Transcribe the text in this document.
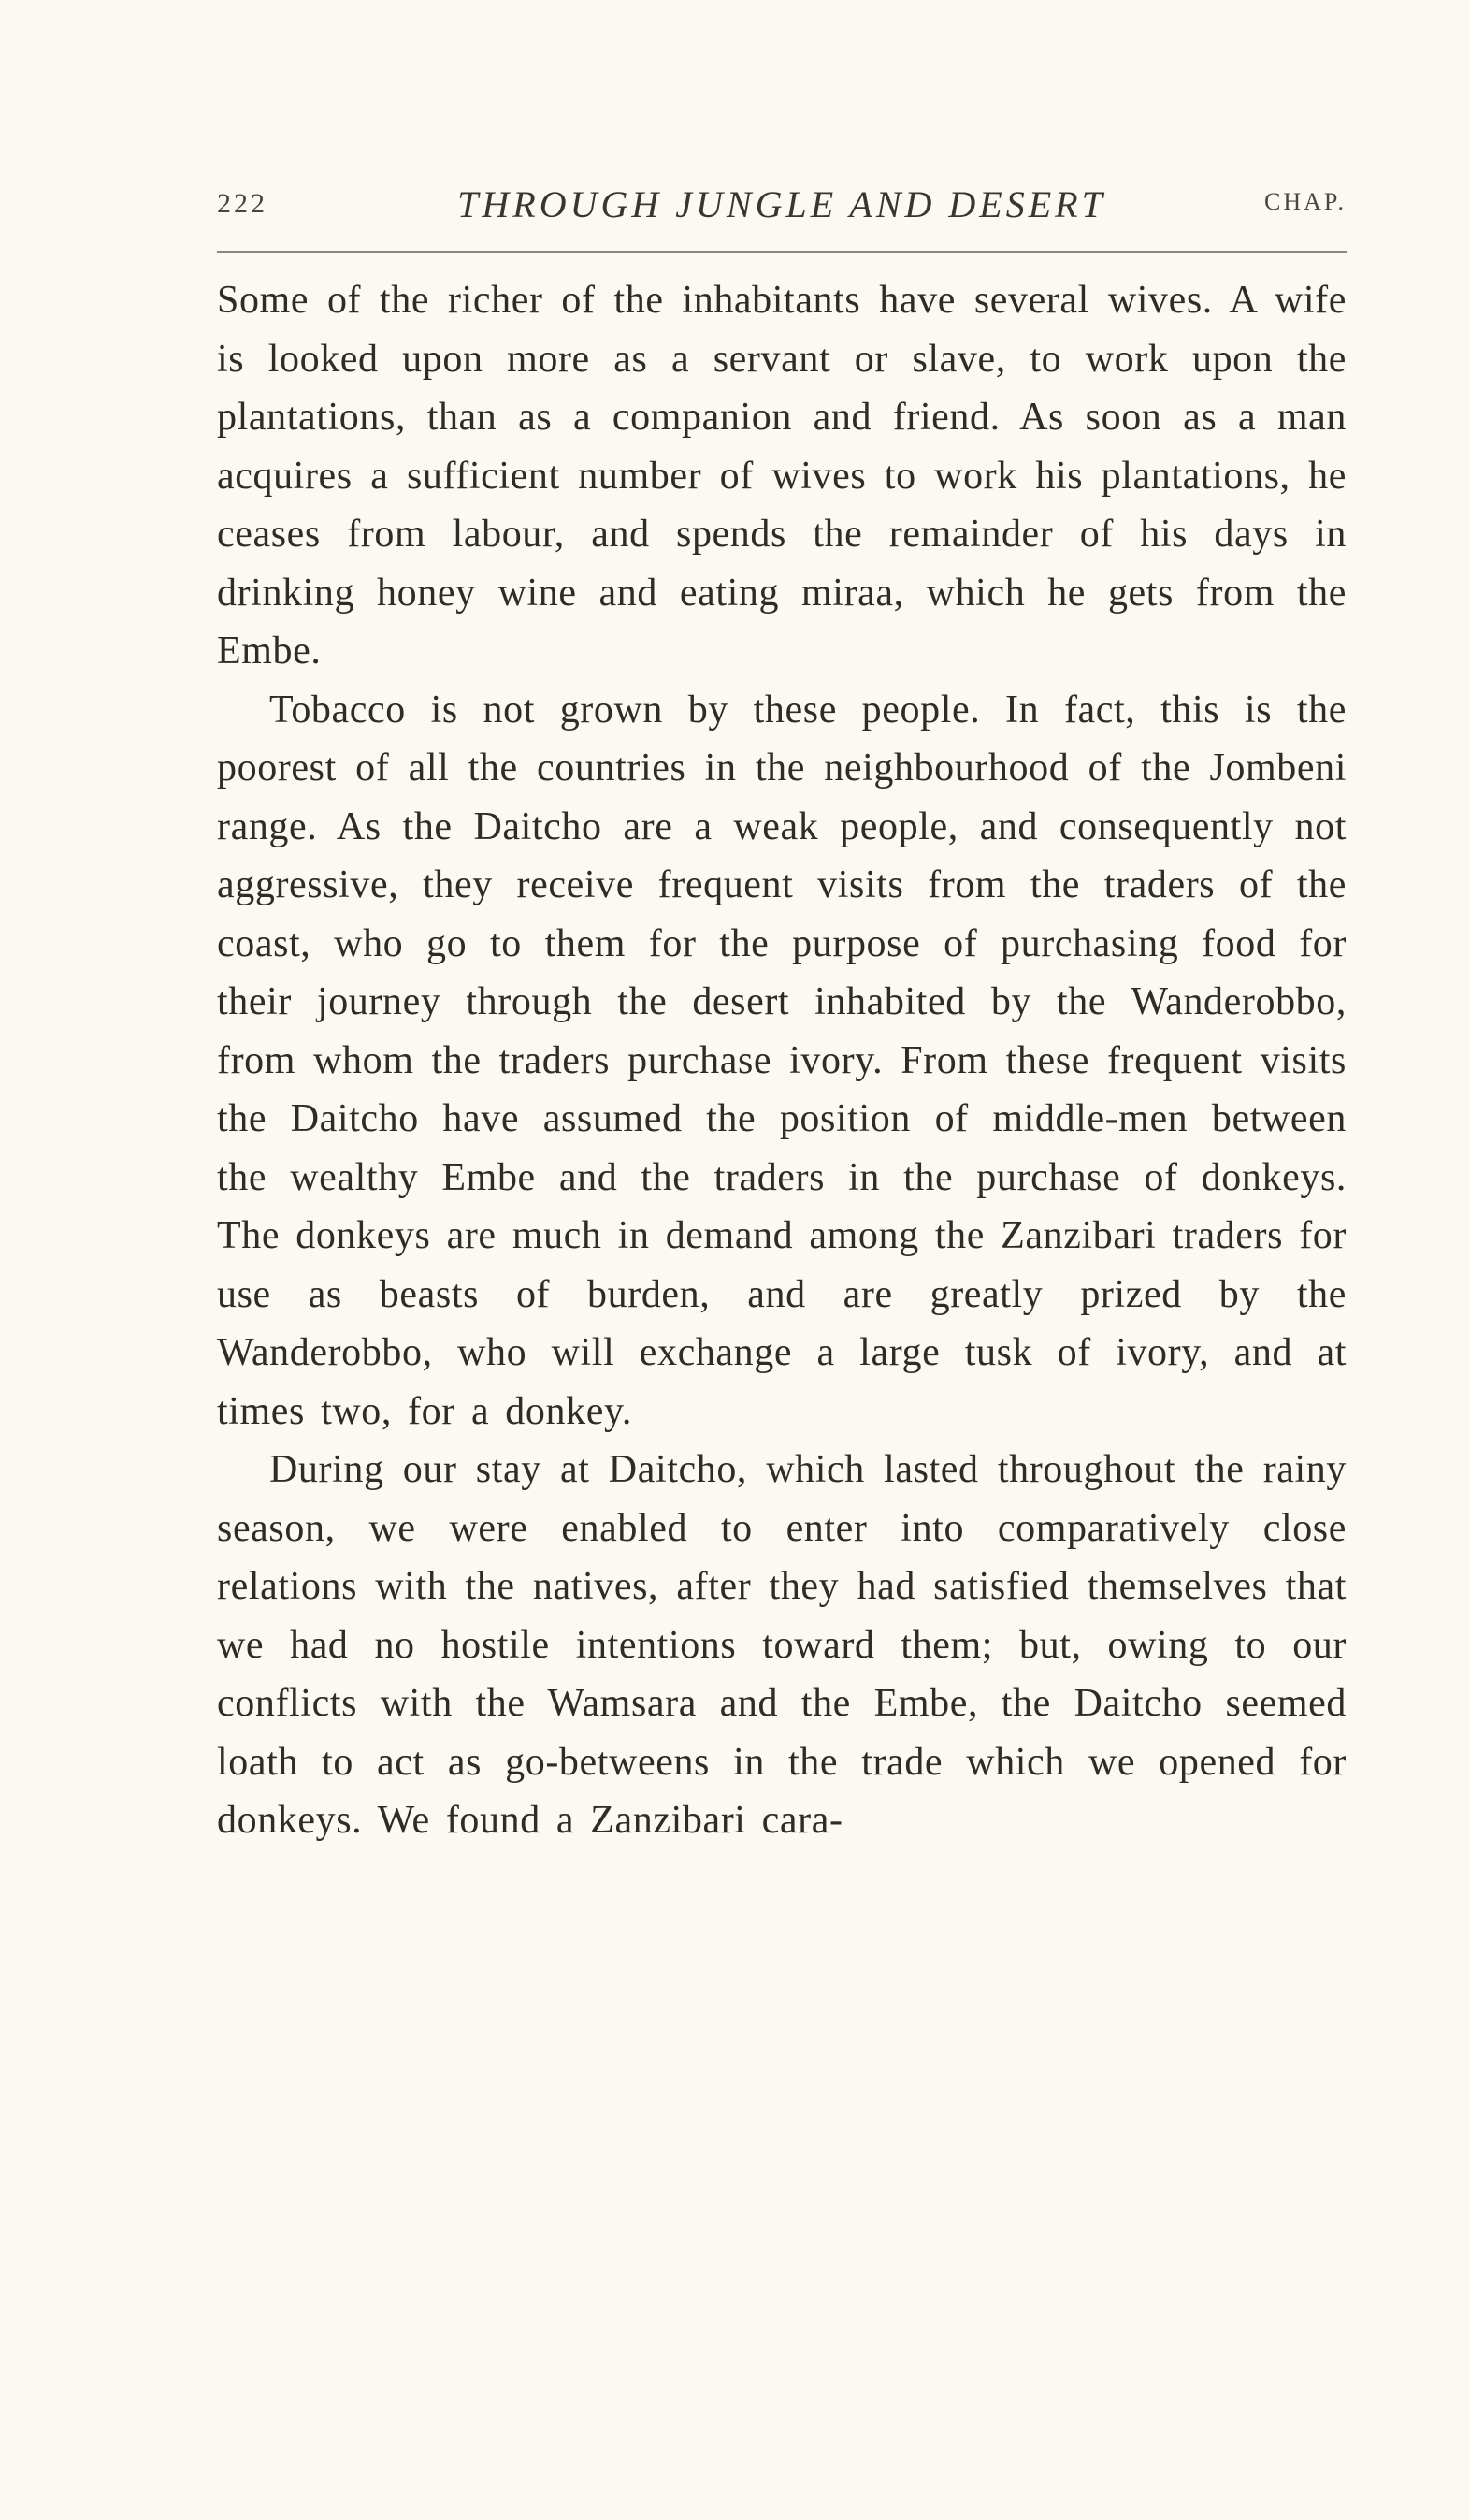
222	THROUGH JUNGLE AND DESERT	CHAP.

Some of the richer of the inhabitants have several wives. A wife is looked upon more as a servant or slave, to work upon the plantations, than as a companion and friend. As soon as a man acquires a sufficient number of wives to work his plantations, he ceases from labour, and spends the remainder of his days in drinking honey wine and eating miraa, which he gets from the Embe.

Tobacco is not grown by these people. In fact, this is the poorest of all the countries in the neighbourhood of the Jombeni range. As the Daitcho are a weak people, and consequently not aggressive, they receive frequent visits from the traders of the coast, who go to them for the purpose of purchasing food for their journey through the desert inhabited by the Wanderobbo, from whom the traders purchase ivory. From these frequent visits the Daitcho have assumed the position of middle-men between the wealthy Embe and the traders in the purchase of donkeys. The donkeys are much in demand among the Zanzibari traders for use as beasts of burden, and are greatly prized by the Wanderobbo, who will exchange a large tusk of ivory, and at times two, for a donkey.

During our stay at Daitcho, which lasted throughout the rainy season, we were enabled to enter into comparatively close relations with the natives, after they had satisfied themselves that we had no hostile intentions toward them; but, owing to our conflicts with the Wamsara and the Embe, the Daitcho seemed loath to act as go-betweens in the trade which we opened for donkeys. We found a Zanzibari cara-
